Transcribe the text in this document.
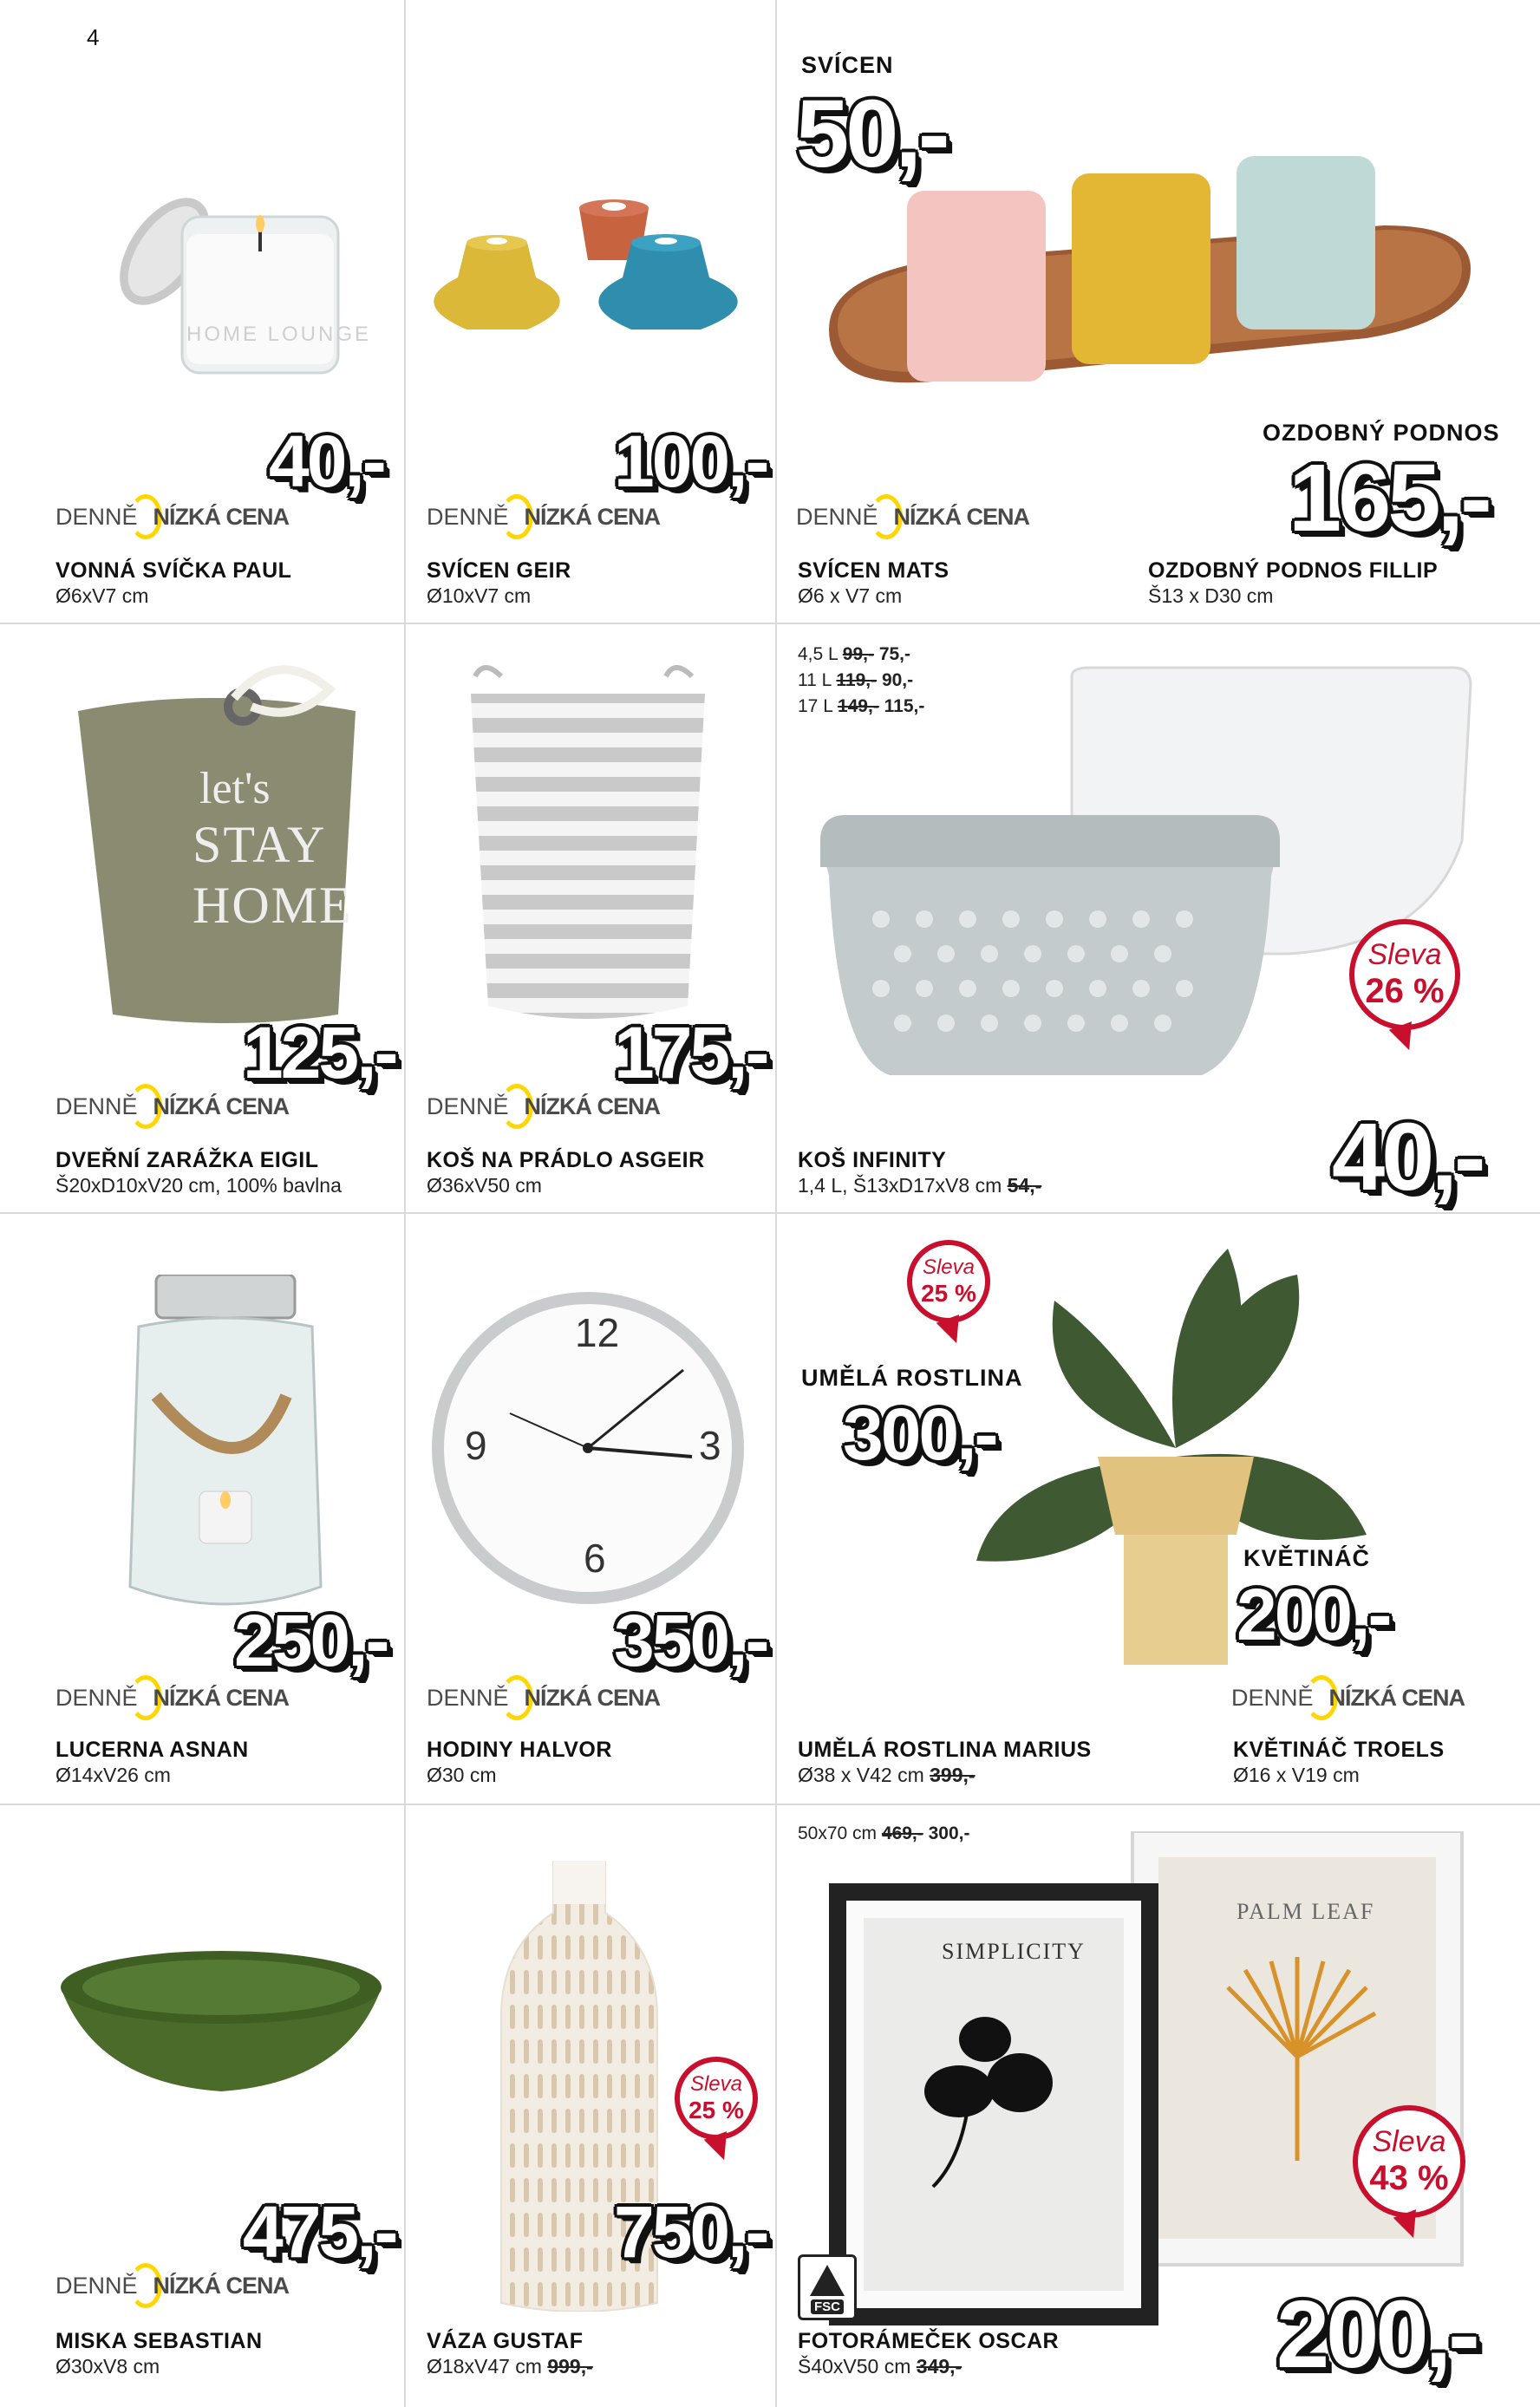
4
HOME LOUNGE
40,-
DENNĚ NÍZKÁ CENA
VONNÁ SVÍČKA PAUL
Ø6xV7 cm
100,-
DENNĚ NÍZKÁ CENA
SVÍCEN GEIR
Ø10xV7 cm
SVÍCEN
50,-
OZDOBNÝ PODNOS
165,-
DENNĚ NÍZKÁ CENA
SVÍCEN MATS
Ø6 x V7 cm
OZDOBNÝ PODNOS FILLIP
Š13 x D30 cm
let's
STAY
HOME
125,-
DENNĚ NÍZKÁ CENA
DVEŘNÍ ZARÁŽKA EIGIL
Š20xD10xV20 cm, 100% bavlna
175,-
DENNĚ NÍZKÁ CENA
KOŠ NA PRÁDLO ASGEIR
Ø36xV50 cm
4,5 L 99,- 75,-
11 L 119,- 90,-
17 L 149,- 115,-
Sleva
26 %
40,-
KOŠ INFINITY
1,4 L, Š13xD17xV8 cm 54,-
250,-
DENNĚ NÍZKÁ CENA
LUCERNA ASNAN
Ø14xV26 cm
12
3
6
9
350,-
DENNĚ NÍZKÁ CENA
HODINY HALVOR
Ø30 cm
Sleva
25 %
UMĚLÁ ROSTLINA
300,-
KVĚTINÁČ
200,-
DENNĚ NÍZKÁ CENA
UMĚLÁ ROSTLINA MARIUS
Ø38 x V42 cm 399,-
KVĚTINÁČ TROELS
Ø16 x V19 cm
475,-
DENNĚ NÍZKÁ CENA
MISKA SEBASTIAN
Ø30xV8 cm
Sleva
25 %
750,-
VÁZA GUSTAF
Ø18xV47 cm 999,-
50x70 cm 469,- 300,-
SIMPLICITY
PALM LEAF
Sleva
43 %
200,-
FSC
FOTORÁMEČEK OSCAR
Š40xV50 cm 349,-
